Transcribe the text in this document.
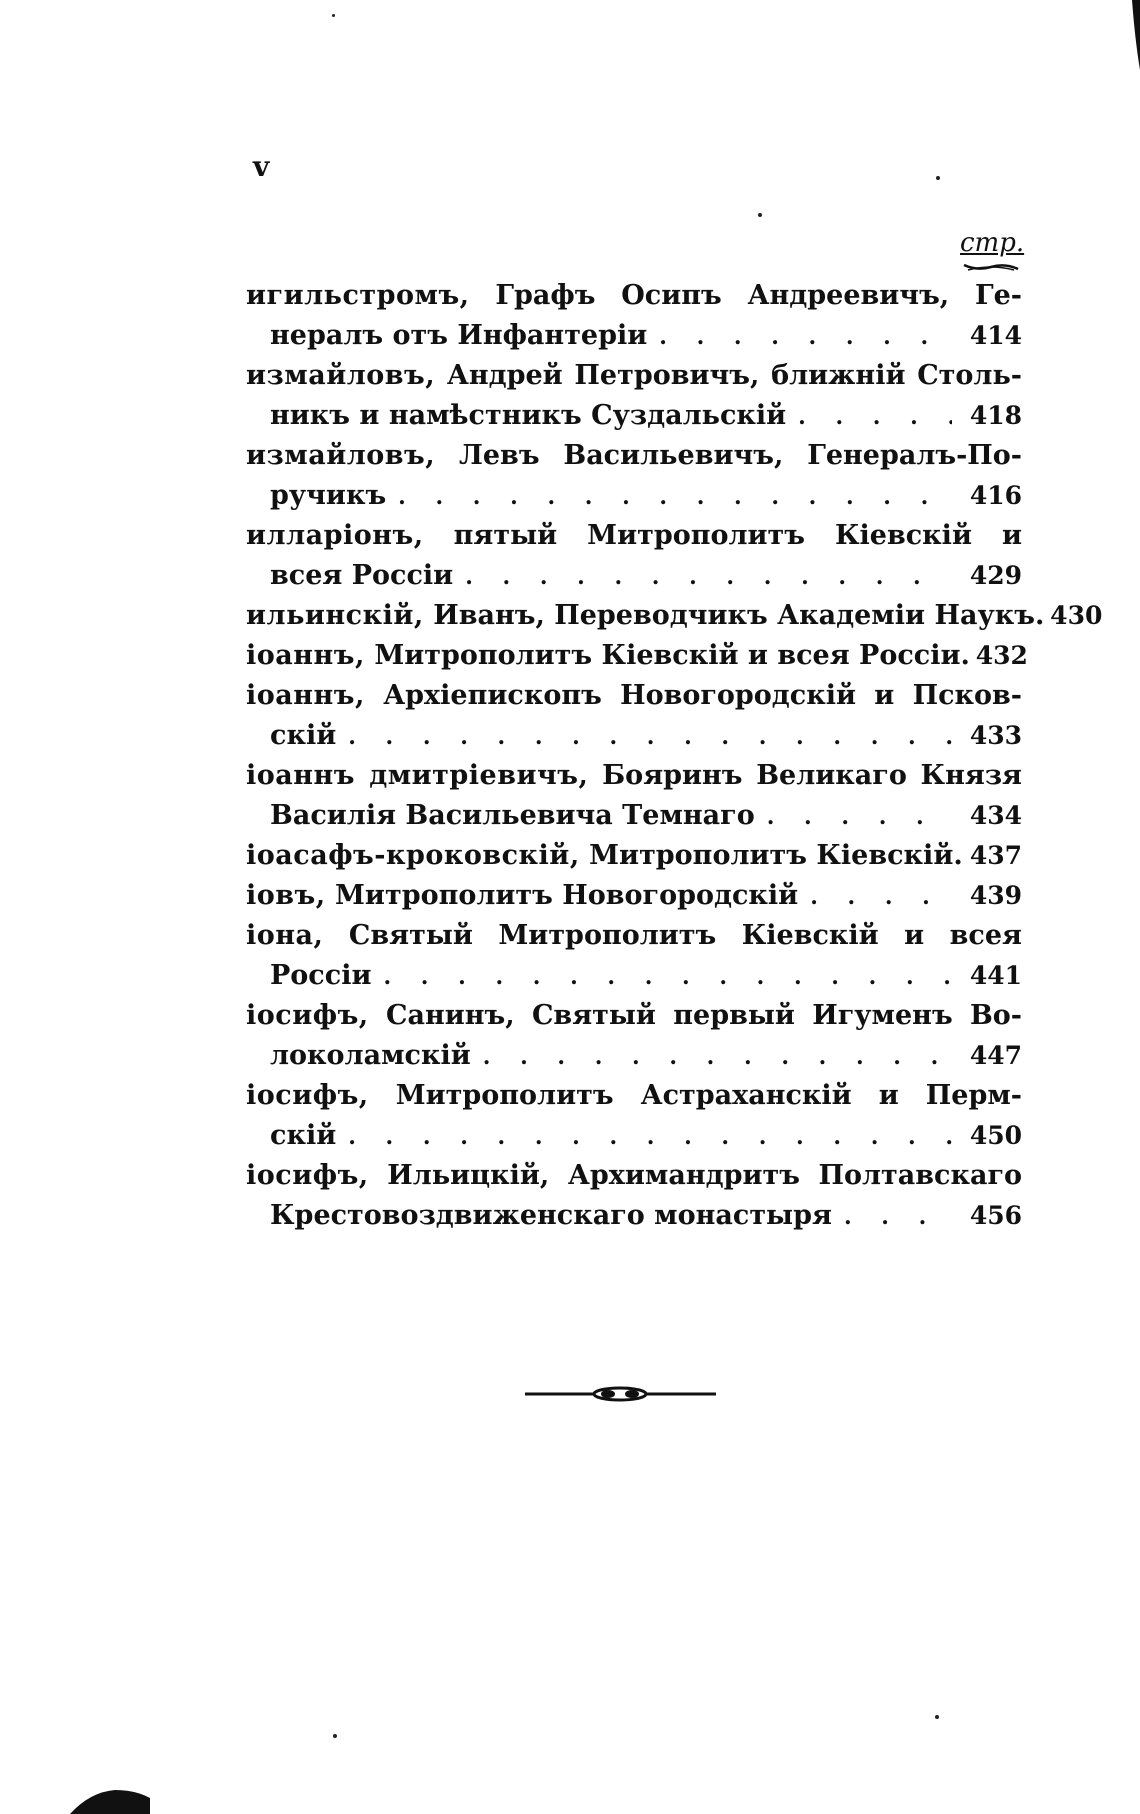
v
стр.
игильстромъ, Графъ Осипъ Андреевичъ, Ге-
нералъ отъ Инфантеріи . . .	414
измайловъ, Андрей Петровичъ, ближній Столь-
никъ и намѣстникъ Суздальскій . . .	418
измайловъ, Левъ Васильевичъ, Генералъ-По-
ручикъ . . .	416
илларіонъ, пятый Митрополитъ Кіевскій и
всея Россіи . . .	429
ильинскій, Иванъ, Переводчикъ Академіи Наукъ. 430
іоаннъ, Митрополитъ Кіевскій и всея Россіи. 432
іоаннъ, Архіепископъ Новогородскій и Псков-
скій . . .	433
іоаннъ дмитріевичъ, Бояринъ Великаго Князя
Василія Васильевича Темнаго . . .	434
іоасафъ-кроковскій, Митрополитъ Кіевскій. 437
іовъ, Митрополитъ Новогородскій . . .	439
іона, Святый Митрополитъ Кіевскій и всея
Россіи . . .	441
іосифъ, Санинъ, Святый первый Игуменъ Во-
локоламскій . . .	447
іосифъ, Митрополитъ Астраханскій и Перм-
скій . . .	450
іосифъ, Ильицкій, Архимандритъ Полтавскаго
Крестовоздвиженскаго монастыря . . .	456
